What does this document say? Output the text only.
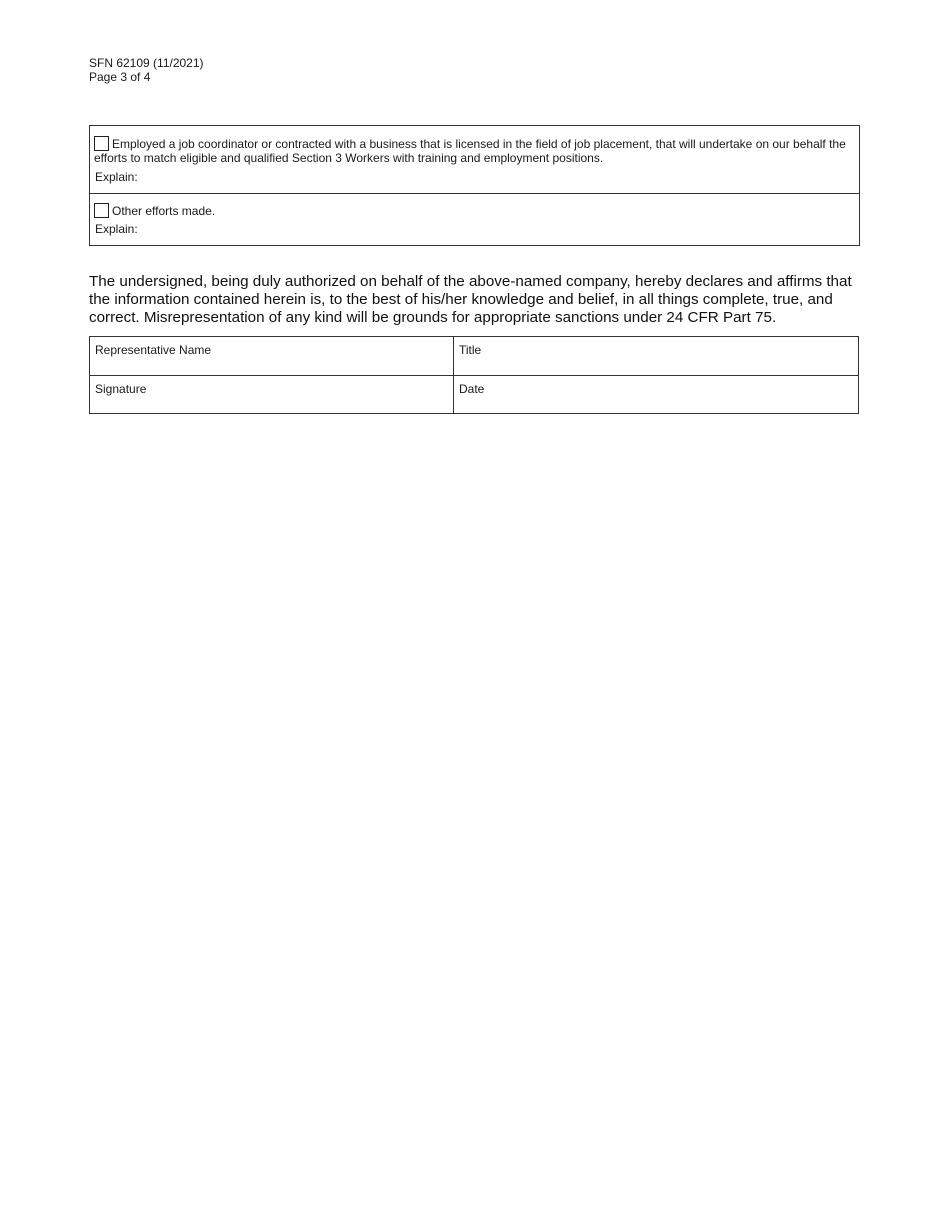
SFN 62109 (11/2021)
Page 3 of 4
Employed a job coordinator or contracted with a business that is licensed in the field of job placement, that will undertake on our behalf the efforts to match eligible and qualified Section 3 Workers with training and employment positions.
Explain:
Other efforts made.
Explain:
The undersigned, being duly authorized on behalf of the above-named company, hereby declares and affirms that the information contained herein is, to the best of his/her knowledge and belief, in all things complete, true, and correct. Misrepresentation of any kind will be grounds for appropriate sanctions under 24 CFR Part 75.
Representative Name	Title
Signature	Date
